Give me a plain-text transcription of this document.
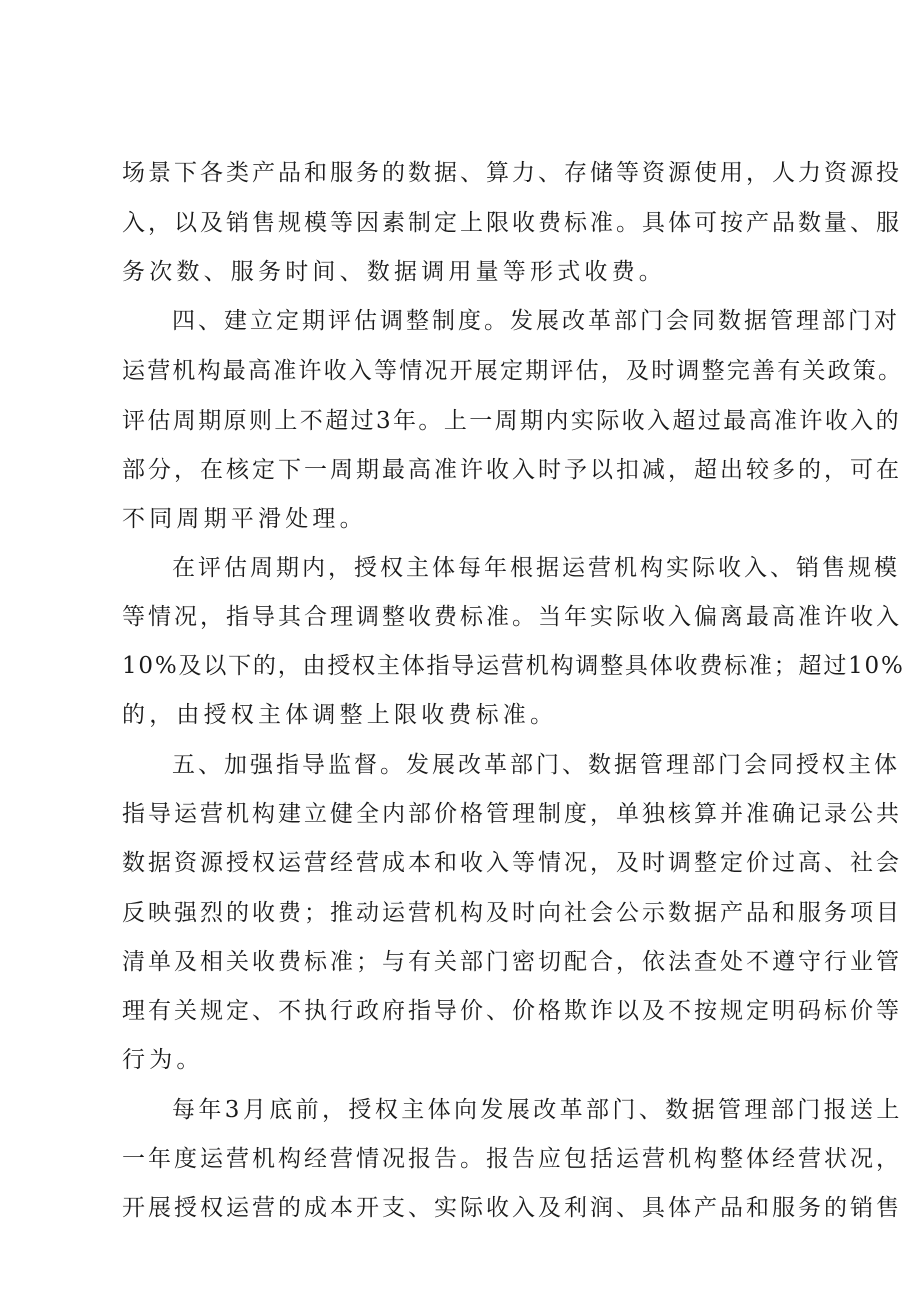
场景下各类产品和服务的数据、算力、存储等资源使用，人力资源投
入，以及销售规模等因素制定上限收费标准。具体可按产品数量、服
务次数、服务时间、数据调用量等形式收费。
四、建立定期评估调整制度。发展改革部门会同数据管理部门对
运营机构最高准许收入等情况开展定期评估，及时调整完善有关政策。
评估周期原则上不超过3年。上一周期内实际收入超过最高准许收入的
部分，在核定下一周期最高准许收入时予以扣减，超出较多的，可在
不同周期平滑处理。
在评估周期内，授权主体每年根据运营机构实际收入、销售规模
等情况，指导其合理调整收费标准。当年实际收入偏离最高准许收入
10%及以下的，由授权主体指导运营机构调整具体收费标准；超过10%
的，由授权主体调整上限收费标准。
五、加强指导监督。发展改革部门、数据管理部门会同授权主体
指导运营机构建立健全内部价格管理制度，单独核算并准确记录公共
数据资源授权运营经营成本和收入等情况，及时调整定价过高、社会
反映强烈的收费；推动运营机构及时向社会公示数据产品和服务项目
清单及相关收费标准；与有关部门密切配合，依法查处不遵守行业管
理有关规定、不执行政府指导价、价格欺诈以及不按规定明码标价等
行为。
每年3月底前，授权主体向发展改革部门、数据管理部门报送上
一年度运营机构经营情况报告。报告应包括运营机构整体经营状况，
开展授权运营的成本开支、实际收入及利润、具体产品和服务的销售
